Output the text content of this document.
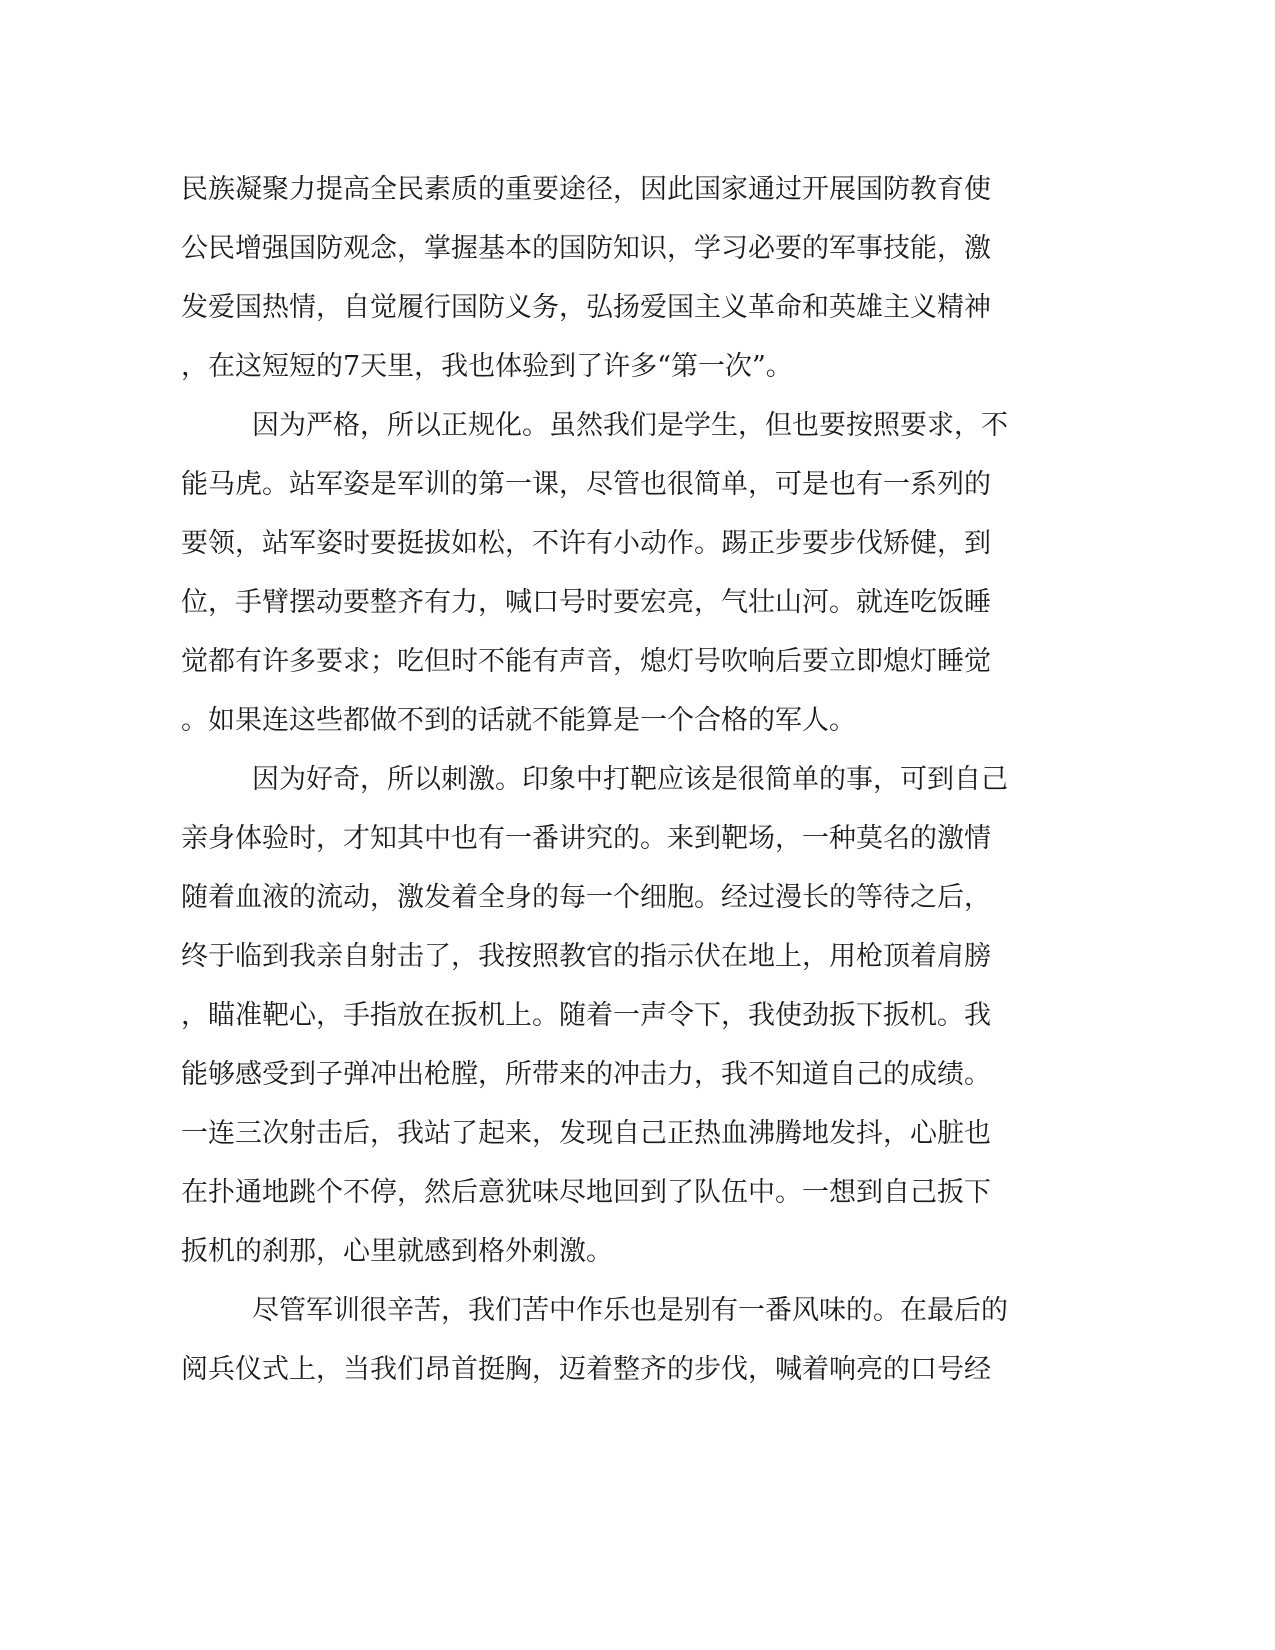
民族凝聚力提高全民素质的重要途径，因此国家通过开展国防教育使
公民增强国防观念，掌握基本的国防知识，学习必要的军事技能，激
发爱国热情，自觉履行国防义务，弘扬爱国主义革命和英雄主义精神
，在这短短的7天里，我也体验到了许多“第一次”。
因为严格，所以正规化。虽然我们是学生，但也要按照要求，不
能马虎。站军姿是军训的第一课，尽管也很简单，可是也有一系列的
要领，站军姿时要挺拔如松，不许有小动作。踢正步要步伐矫健，到
位，手臂摆动要整齐有力，喊口号时要宏亮，气壮山河。就连吃饭睡
觉都有许多要求；吃但时不能有声音，熄灯号吹响后要立即熄灯睡觉
。如果连这些都做不到的话就不能算是一个合格的军人。
因为好奇，所以刺激。印象中打靶应该是很简单的事，可到自己
亲身体验时，才知其中也有一番讲究的。来到靶场，一种莫名的激情
随着血液的流动，激发着全身的每一个细胞。经过漫长的等待之后，
终于临到我亲自射击了，我按照教官的指示伏在地上，用枪顶着肩膀
，瞄准靶心，手指放在扳机上。随着一声令下，我使劲扳下扳机。我
能够感受到子弹冲出枪膛，所带来的冲击力，我不知道自己的成绩。
一连三次射击后，我站了起来，发现自己正热血沸腾地发抖，心脏也
在扑通地跳个不停，然后意犹味尽地回到了队伍中。一想到自己扳下
扳机的刹那，心里就感到格外刺激。
尽管军训很辛苦，我们苦中作乐也是别有一番风味的。在最后的
阅兵仪式上，当我们昂首挺胸，迈着整齐的步伐，喊着响亮的口号经
